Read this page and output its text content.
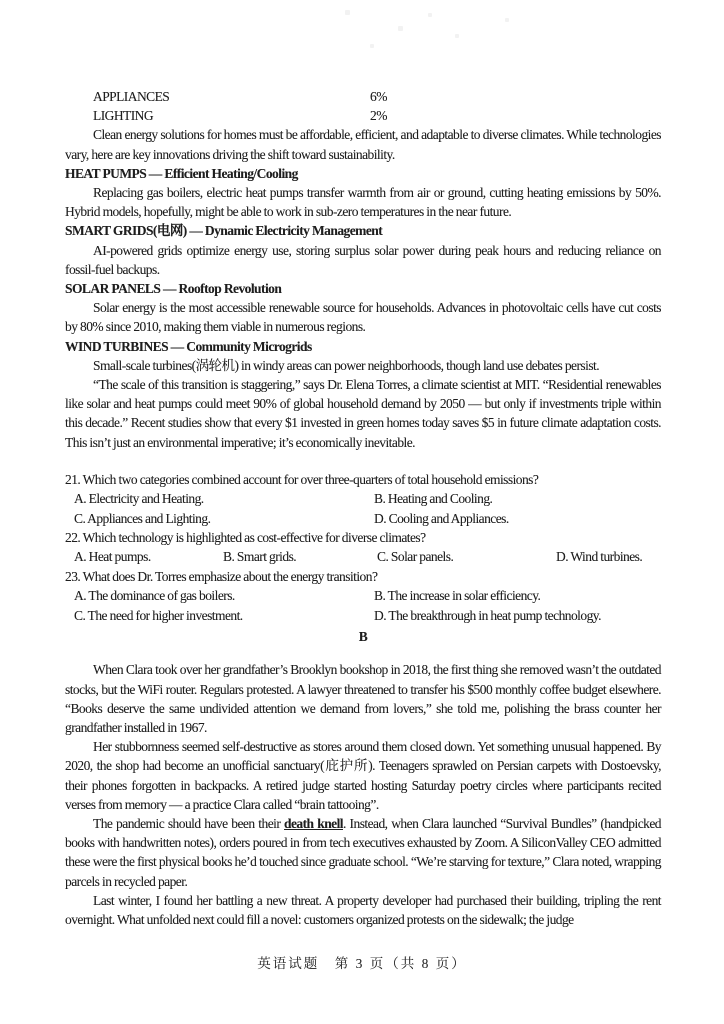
APPLIANCES	6%
LIGHTING	2%

Clean energy solutions for homes must be affordable, efficient, and adaptable to diverse climates. While technologies vary, here are key innovations driving the shift toward sustainability.

HEAT PUMPS — Efficient Heating/Cooling

Replacing gas boilers, electric heat pumps transfer warmth from air or ground, cutting heating emissions by 50%. Hybrid models, hopefully, might be able to work in sub-zero temperatures in the near future.

SMART GRIDS(电网) — Dynamic Electricity Management

AI-powered grids optimize energy use, storing surplus solar power during peak hours and reducing reliance on fossil-fuel backups.

SOLAR PANELS — Rooftop Revolution

Solar energy is the most accessible renewable source for households. Advances in photovoltaic cells have cut costs by 80% since 2010, making them viable in numerous regions.

WIND TURBINES — Community Microgrids

Small-scale turbines(涡轮机) in windy areas can power neighborhoods, though land use debates persist.

“The scale of this transition is staggering,” says Dr. Elena Torres, a climate scientist at MIT. “Residential renewables like solar and heat pumps could meet 90% of global household demand by 2050 — but only if investments triple within this decade.” Recent studies show that every $1 invested in green homes today saves $5 in future climate adaptation costs. This isn’t just an environmental imperative; it’s economically inevitable.

21. Which two categories combined account for over three-quarters of total household emissions?
A. Electricity and Heating.	B. Heating and Cooling.
C. Appliances and Lighting.	D. Cooling and Appliances.
22. Which technology is highlighted as cost-effective for diverse climates?
A. Heat pumps.	B. Smart grids.	C. Solar panels.	D. Wind turbines.
23. What does Dr. Torres emphasize about the energy transition?
A. The dominance of gas boilers.	B. The increase in solar efficiency.
C. The need for higher investment.	D. The breakthrough in heat pump technology.
B

When Clara took over her grandfather’s Brooklyn bookshop in 2018, the first thing she removed wasn’t the outdated stocks, but the WiFi router. Regulars protested. A lawyer threatened to transfer his $500 monthly coffee budget elsewhere. “Books deserve the same undivided attention we demand from lovers,” she told me, polishing the brass counter her grandfather installed in 1967.

Her stubbornness seemed self-destructive as stores around them closed down. Yet something unusual happened. By 2020, the shop had become an unofficial sanctuary(庇护所). Teenagers sprawled on Persian carpets with Dostoevsky, their phones forgotten in backpacks. A retired judge started hosting Saturday poetry circles where participants recited verses from memory — a practice Clara called “brain tattooing”.

The pandemic should have been their death knell. Instead, when Clara launched “Survival Bundles” (handpicked books with handwritten notes), orders poured in from tech executives exhausted by Zoom. A SiliconValley CEO admitted these were the first physical books he’d touched since graduate school. “We’re starving for texture,” Clara noted, wrapping parcels in recycled paper.

Last winter, I found her battling a new threat. A property developer had purchased their building, tripling the rent overnight. What unfolded next could fill a novel: customers organized protests on the sidewalk; the judge

英语试题　第 3 页（共 8 页）
